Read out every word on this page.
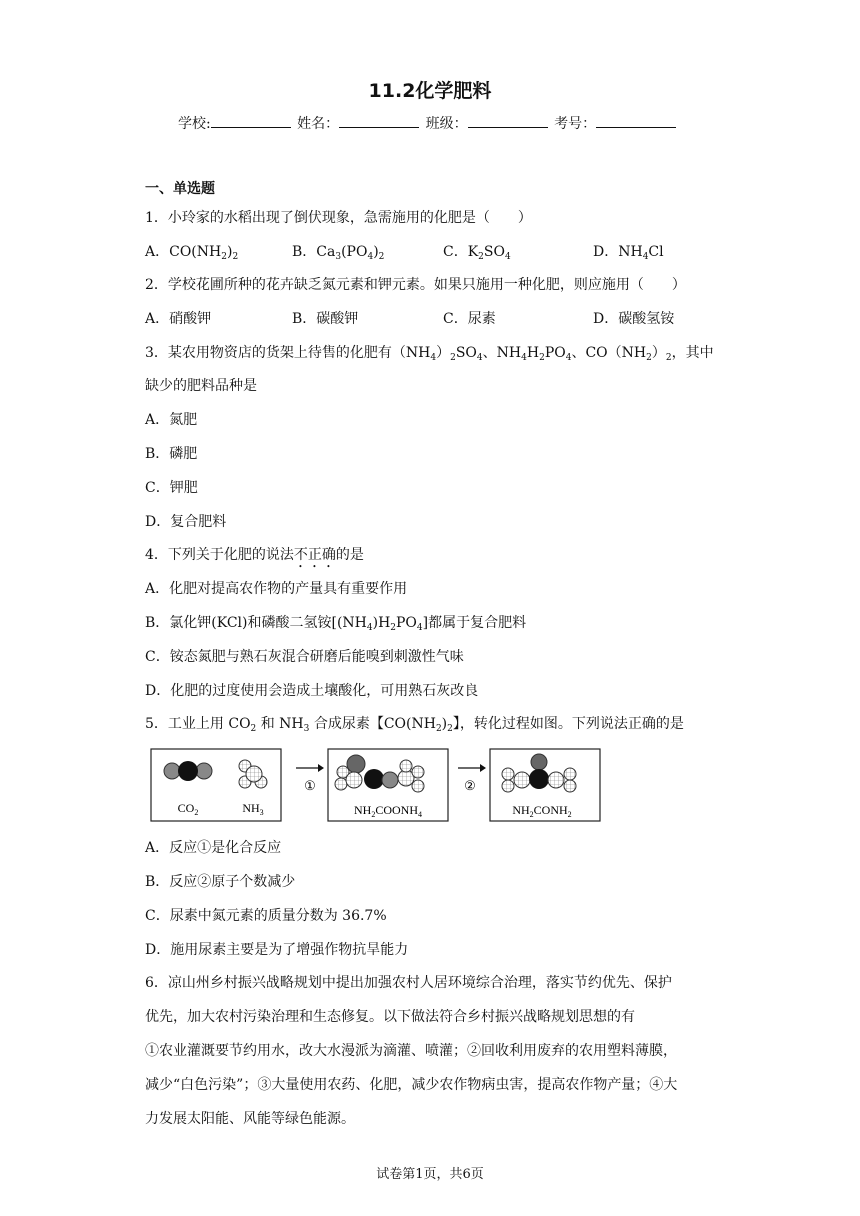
11.2化学肥料
学校:	姓名：	班级：	考号：
一、单选题
1．小玲家的水稻出现了倒伏现象，急需施用的化肥是（　　）
A．$CO(NH_2)_2$	B．$Ca_3(PO_4)_2$	C．$K_2SO_4$	D．$NH_4Cl$
2．学校花圃所种的花卉缺乏氮元素和钾元素。如果只施用一种化肥，则应施用（　　）
A．硝酸钾	B．碳酸钾	C．尿素	D．碳酸氢铵
3．某农用物资店的货架上待售的化肥有$(NH_4)_2SO_4$、$NH_4H_2PO_4$、$CO(NH_2)_2$，其中
缺少的肥料品种是
A．氮肥
B．磷肥
C．钾肥
D．复合肥料
4．下列关于化肥的说法不正确的是
A．化肥对提高农作物的产量具有重要作用
B．氯化钾(KCl)和磷酸二氢铵$[(NH_4)H_2PO_4]$都属于复合肥料
C．铵态氮肥与熟石灰混合研磨后能嗅到刺激性气味
D．化肥的过度使用会造成土壤酸化，可用熟石灰改良
5．工业上用 $CO_2$ 和 $NH_3$ 合成尿素【$CO(NH_2)_2$】，转化过程如图。下列说法正确的是
$CO_2$	$NH_3$
①
$NH_2COONH_4$
②
$NH_2CONH_2$
A．反应①是化合反应
B．反应②原子个数减少
C．尿素中氮元素的质量分数为 36.7%
D．施用尿素主要是为了增强作物抗旱能力
6．凉山州乡村振兴战略规划中提出加强农村人居环境综合治理，落实节约优先、保护
优先，加大农村污染治理和生态修复。以下做法符合乡村振兴战略规划思想的有
①农业灌溉要节约用水，改大水漫派为滴灌、喷灌；②回收利用废弃的农用塑料薄膜，
减少“白色污染”；③大量使用农药、化肥，减少农作物病虫害，提高农作物产量；④大
力发展太阳能、风能等绿色能源。
试卷第1页，共6页
